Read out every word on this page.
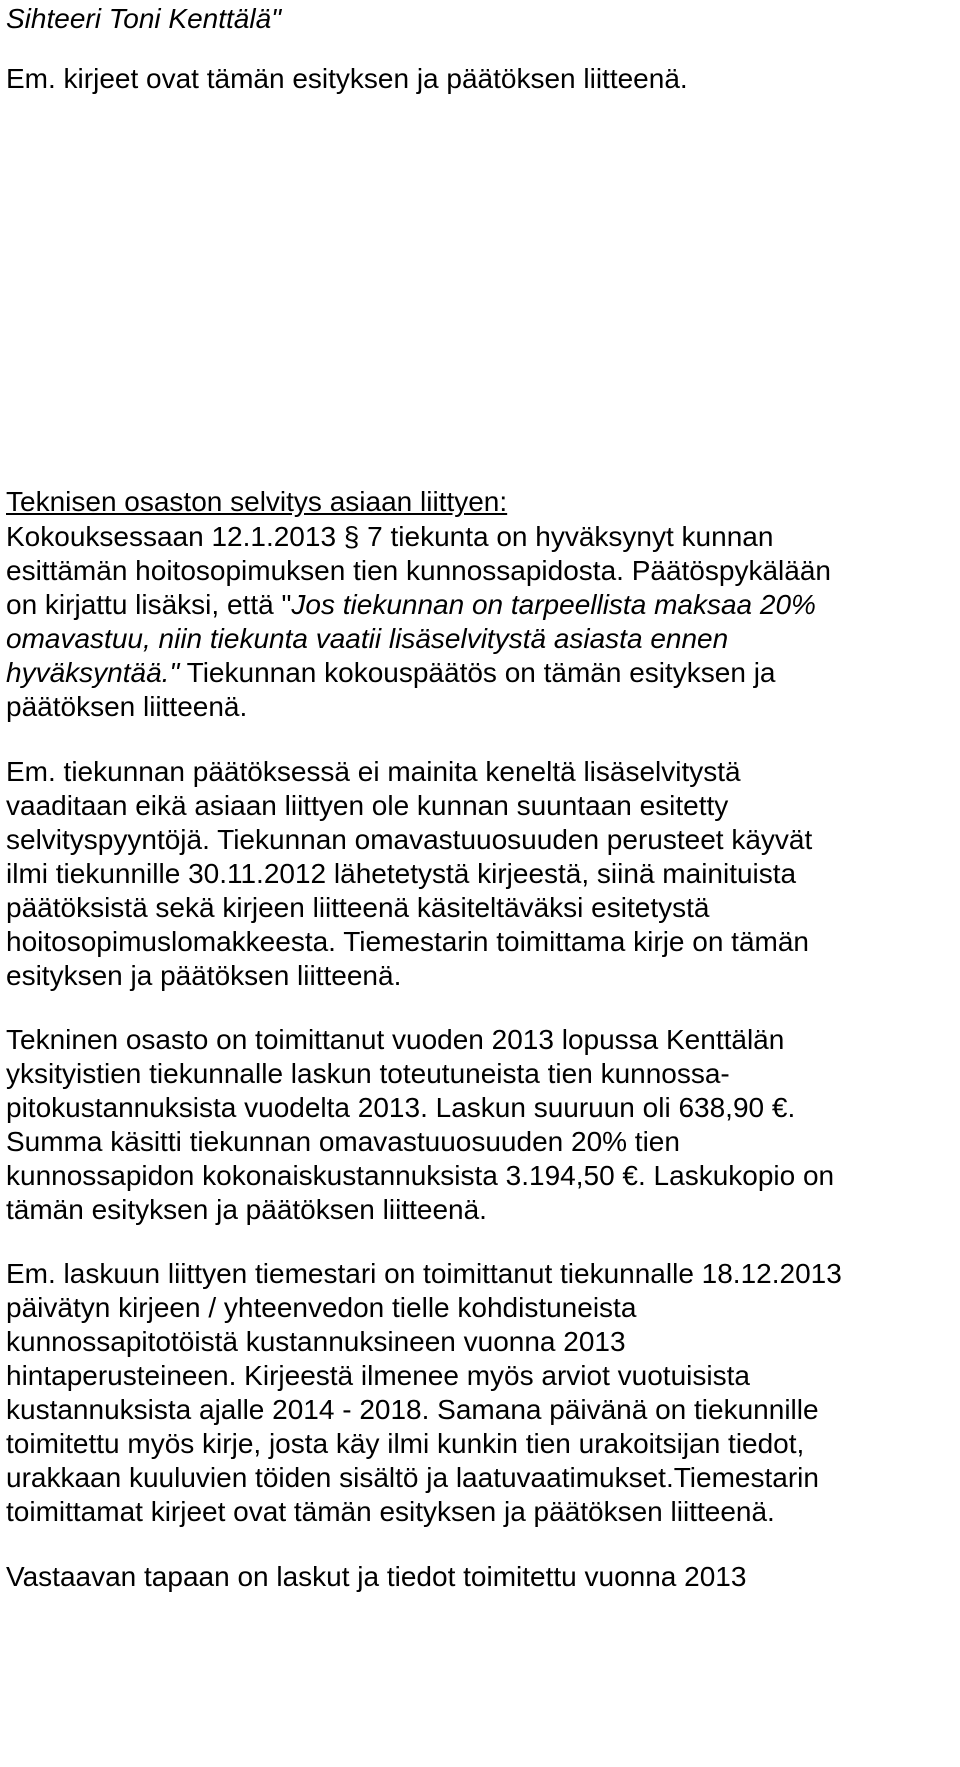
Sihteeri Toni Kenttälä"
Em. kirjeet ovat tämän esityksen ja päätöksen liitteenä.
Teknisen osaston selvitys asiaan liittyen:
Kokouksessaan 12.1.2013 § 7 tiekunta on hyväksynyt kunnan
esittämän hoitosopimuksen tien kunnossapidosta. Päätöspykälään
on kirjattu lisäksi, että "Jos tiekunnan on tarpeellista maksaa 20%
omavastuu, niin tiekunta vaatii lisäselvitystä asiasta ennen
hyväksyntää." Tiekunnan kokouspäätös on tämän esityksen ja
päätöksen liitteenä.
Em. tiekunnan päätöksessä ei mainita keneltä lisäselvitystä
vaaditaan eikä asiaan liittyen ole kunnan suuntaan esitetty
selvityspyyntöjä. Tiekunnan omavastuuosuuden perusteet käyvät
ilmi tiekunnille 30.11.2012 lähetetystä kirjeestä, siinä mainituista
päätöksistä sekä kirjeen liitteenä käsiteltäväksi esitetystä
hoitosopimuslomakkeesta. Tiemestarin toimittama kirje on tämän
esityksen ja päätöksen liitteenä.
Tekninen osasto on toimittanut vuoden 2013 lopussa Kenttälän
yksityistien tiekunnalle laskun toteutuneista tien kunnossa-
pitokustannuksista vuodelta 2013. Laskun suuruun oli 638,90 €.
Summa käsitti tiekunnan omavastuuosuuden 20% tien
kunnossapidon kokonaiskustannuksista 3.194,50 €. Laskukopio on
tämän esityksen ja päätöksen liitteenä.
Em. laskuun liittyen tiemestari on toimittanut tiekunnalle 18.12.2013
päivätyn kirjeen / yhteenvedon tielle kohdistuneista
kunnossapitotöistä kustannuksineen vuonna 2013
hintaperusteineen. Kirjeestä ilmenee myös arviot vuotuisista
kustannuksista ajalle 2014 - 2018. Samana päivänä on tiekunnille
toimitettu myös kirje, josta käy ilmi kunkin tien urakoitsijan tiedot,
urakkaan kuuluvien töiden sisältö ja laatuvaatimukset.Tiemestarin
toimittamat kirjeet ovat tämän esityksen ja päätöksen liitteenä.
Vastaavan tapaan on laskut ja tiedot toimitettu vuonna 2013
